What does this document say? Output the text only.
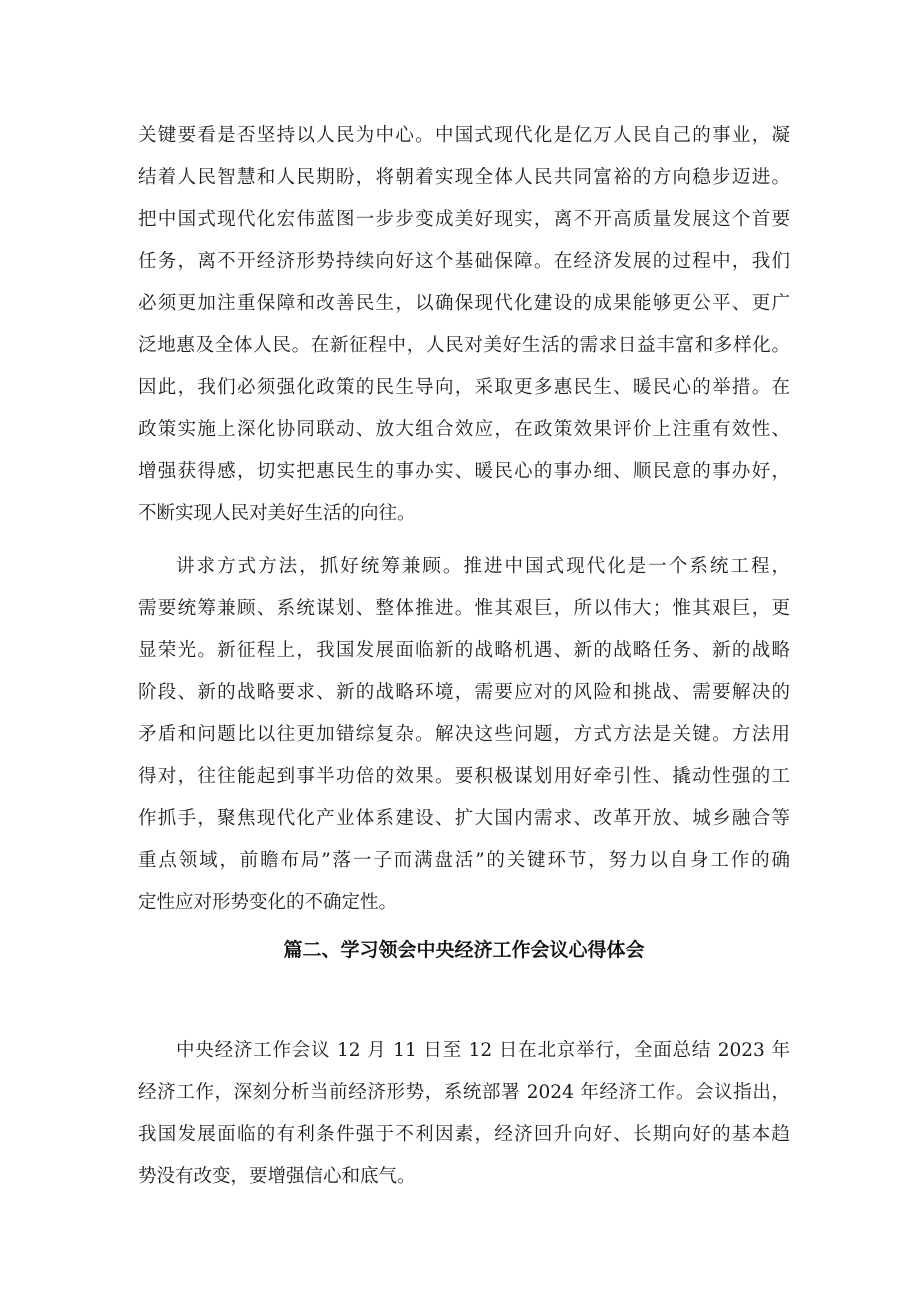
关键要看是否坚持以人民为中心。中国式现代化是亿万人民自己的事业，凝
结着人民智慧和人民期盼，将朝着实现全体人民共同富裕的方向稳步迈进。
把中国式现代化宏伟蓝图一步步变成美好现实，离不开高质量发展这个首要
任务，离不开经济形势持续向好这个基础保障。在经济发展的过程中，我们
必须更加注重保障和改善民生，以确保现代化建设的成果能够更公平、更广
泛地惠及全体人民。在新征程中，人民对美好生活的需求日益丰富和多样化。
因此，我们必须强化政策的民生导向，采取更多惠民生、暖民心的举措。在
政策实施上深化协同联动、放大组合效应，在政策效果评价上注重有效性、
增强获得感，切实把惠民生的事办实、暖民心的事办细、顺民意的事办好，
不断实现人民对美好生活的向往。
讲求方式方法，抓好统筹兼顾。推进中国式现代化是一个系统工程，
需要统筹兼顾、系统谋划、整体推进。惟其艰巨，所以伟大；惟其艰巨，更
显荣光。新征程上，我国发展面临新的战略机遇、新的战略任务、新的战略
阶段、新的战略要求、新的战略环境，需要应对的风险和挑战、需要解决的
矛盾和问题比以往更加错综复杂。解决这些问题，方式方法是关键。方法用
得对，往往能起到事半功倍的效果。要积极谋划用好牵引性、撬动性强的工
作抓手，聚焦现代化产业体系建设、扩大国内需求、改革开放、城乡融合等
重点领域，前瞻布局”落一子而满盘活”的关键环节，努力以自身工作的确
定性应对形势变化的不确定性。
篇二、学习领会中央经济工作会议心得体会
中央经济工作会议 12 月 11 日至 12 日在北京举行，全面总结 2023 年
经济工作，深刻分析当前经济形势，系统部署 2024 年经济工作。会议指出，
我国发展面临的有利条件强于不利因素，经济回升向好、长期向好的基本趋
势没有改变，要增强信心和底气。
